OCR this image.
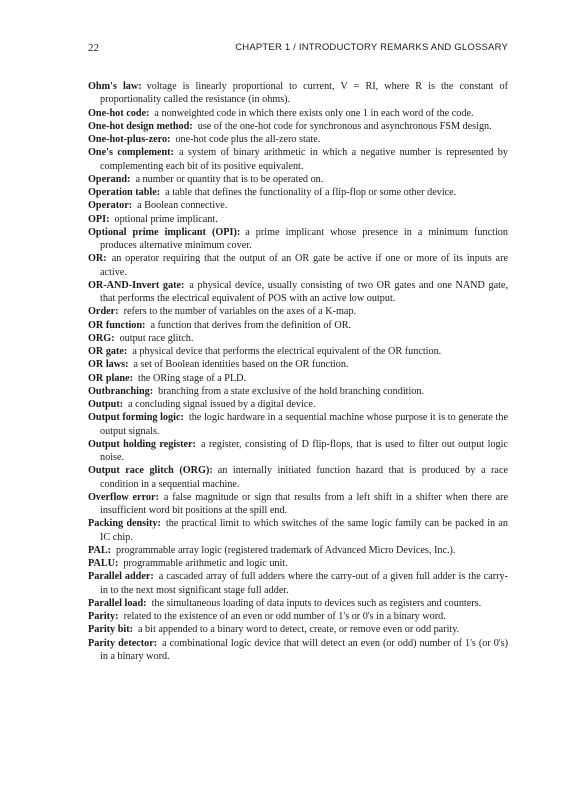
22	CHAPTER 1 / INTRODUCTORY REMARKS AND GLOSSARY
Ohm's law: voltage is linearly proportional to current, V = RI, where R is the constant of proportionality called the resistance (in ohms).
One-hot code: a nonweighted code in which there exists only one 1 in each word of the code.
One-hot design method: use of the one-hot code for synchronous and asynchronous FSM design.
One-hot-plus-zero: one-hot code plus the all-zero state.
One's complement: a system of binary arithmetic in which a negative number is represented by complementing each bit of its positive equivalent.
Operand: a number or quantity that is to be operated on.
Operation table: a table that defines the functionality of a flip-flop or some other device.
Operator: a Boolean connective.
OPI: optional prime implicant.
Optional prime implicant (OPI): a prime implicant whose presence in a minimum function produces alternative minimum cover.
OR: an operator requiring that the output of an OR gate be active if one or more of its inputs are active.
OR-AND-Invert gate: a physical device, usually consisting of two OR gates and one NAND gate, that performs the electrical equivalent of POS with an active low output.
Order: refers to the number of variables on the axes of a K-map.
OR function: a function that derives from the definition of OR.
ORG: output race glitch.
OR gate: a physical device that performs the electrical equivalent of the OR function.
OR laws: a set of Boolean identities based on the OR function.
OR plane: the ORing stage of a PLD.
Outbranching: branching from a state exclusive of the hold branching condition.
Output: a concluding signal issued by a digital device.
Output forming logic: the logic hardware in a sequential machine whose purpose it is to generate the output signals.
Output holding register: a register, consisting of D flip-flops, that is used to filter out output logic noise.
Output race glitch (ORG): an internally initiated function hazard that is produced by a race condition in a sequential machine.
Overflow error: a false magnitude or sign that results from a left shift in a shifter when there are insufficient word bit positions at the spill end.
Packing density: the practical limit to which switches of the same logic family can be packed in an IC chip.
PAL: programmable array logic (registered trademark of Advanced Micro Devices, Inc.).
PALU: programmable arithmetic and logic unit.
Parallel adder: a cascaded array of full adders where the carry-out of a given full adder is the carry-in to the next most significant stage full adder.
Parallel load: the simultaneous loading of data inputs to devices such as registers and counters.
Parity: related to the existence of an even or odd number of 1's or 0's in a binary word.
Parity bit: a bit appended to a binary word to detect, create, or remove even or odd parity.
Parity detector: a combinational logic device that will detect an even (or odd) number of 1's (or 0's) in a binary word.
